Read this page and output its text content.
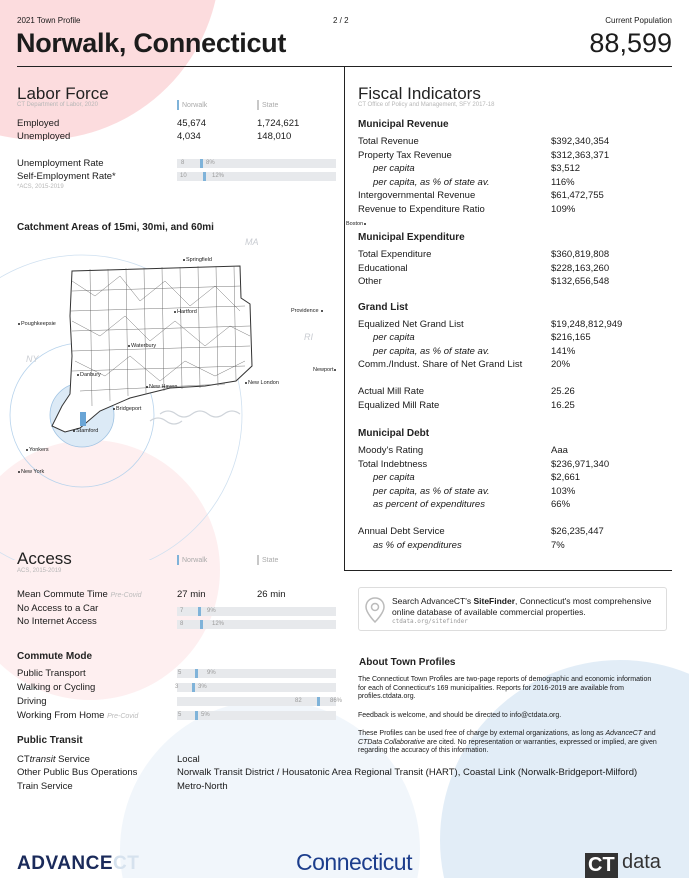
2021 Town Profile	2 / 2	Current Population
Norwalk, Connecticut	88,599
Labor Force
CT Department of Labor, 2020	Norwalk	State
Employed	45,674	1,724,621
Unemployed	4,034	148,010
Unemployment Rate	8	8%
Self-Employment Rate*	10	12%
*ACS, 2015-2019
Catchment Areas of 15mi, 30mi, and 60mi
MA
RI
NY
Springfield
Hartford	Providence
Boston
Poughkeepsie
Waterbury
Newport
Danbury
New Haven
New London
Bridgeport
Stamford
Yonkers
New York
Access
ACS, 2015-2019
Norwalk	State
Mean Commute Time Pre-Covid	27 min	26 min
No Access to a Car	7	9%
No Internet Access	8	12%
Commute Mode
Public Transport	5	9%
Walking or Cycling	3	3%
Driving	82	86%
Working From Home Pre-Covid	5	5%
Public Transit
CTtransit Service	Local
Other Public Bus Operations	Norwalk Transit District / Housatonic Area Regional Transit (HART), Coastal Link (Norwalk-Bridgeport-Milford)
Train Service	Metro-North
Fiscal Indicators
CT Office of Policy and Management, SFY 2017-18
Municipal Revenue
Total Revenue	$392,340,354
Property Tax Revenue	$312,363,371
per capita	$3,512
per capita, as % of state av.	116%
Intergovernmental Revenue	$61,472,755
Revenue to Expenditure Ratio	109%
Municipal Expenditure
Total Expenditure	$360,819,808
Educational	$228,163,260
Other	$132,656,548
Grand List
Equalized Net Grand List	$19,248,812,949
per capita	$216,165
per capita, as % of state av.	141%
Comm./Indust. Share of Net Grand List	20%
Actual Mill Rate	25.26
Equalized Mill Rate	16.25
Municipal Debt
Moody's Rating	Aaa
Total Indebtness	$236,971,340
per capita	$2,661
per capita, as % of state av.	103%
as percent of expenditures	66%
Annual Debt Service	$26,235,447
as % of expenditures	7%
Search AdvanceCT's SiteFinder, Connecticut's most comprehensive online database of available commercial properties.
ctdata.org/sitefinder
About Town Profiles
The Connecticut Town Profiles are two-page reports of demographic and economic information for each of Connecticut's 169 municipalities. Reports for 2016-2019 are available from profiles.ctdata.org.
Feedback is welcome, and should be directed to info@ctdata.org.
These Profiles can be used free of charge by external organizations, as long as AdvanceCT and CTData Collaborative are cited. No representation or warranties, expressed or implied, are given regarding the accuracy of this information.
ADVANCECT	Connecticut	CT data
